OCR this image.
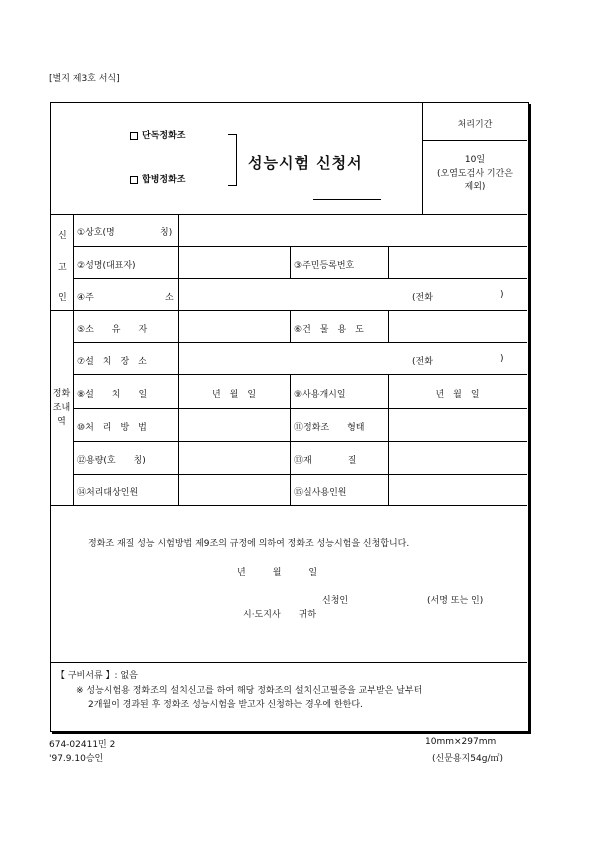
[별지 제3호 서식]
단독정화조
합병정화조
성능시험 신청서
처리기간
10일
(오염도검사 기간은
제외)
신
고
인
①상호(명	칭)
②성명(대표자)	③주민등록번호
④주	소	(전화	)
정화
조내
역
⑤소　　유　　자	⑥건　물　용　도
⑦설　치　장　소	(전화	)
⑧설　　치　　일	년　월　일	⑨사용개시일	년　월　일
⑩처　리　방　법	⑪정화조　　형태
⑫용량(호　　칭)	⑬재　　　　질
⑭처리대상인원	⑮실사용인원
정화조 재질 성능 시험방법 제9조의 규정에 의하여 정화조 성능시험을 신청합니다.
년　　　월　　　일
신청인	(서명 또는 인)
시·도지사　　귀하
【 구비서류 】: 없음
※ 성능시험용 정화조의 설치신고를 하여 해당 정화조의 설치신고필증을 교부받은 날부터
2개월이 경과된 후 정화조 성능시험을 받고자 신청하는 경우에 한한다.
674-02411민 2
'97.9.10승인
10mm×297mm
(신문용지54g/㎡)
